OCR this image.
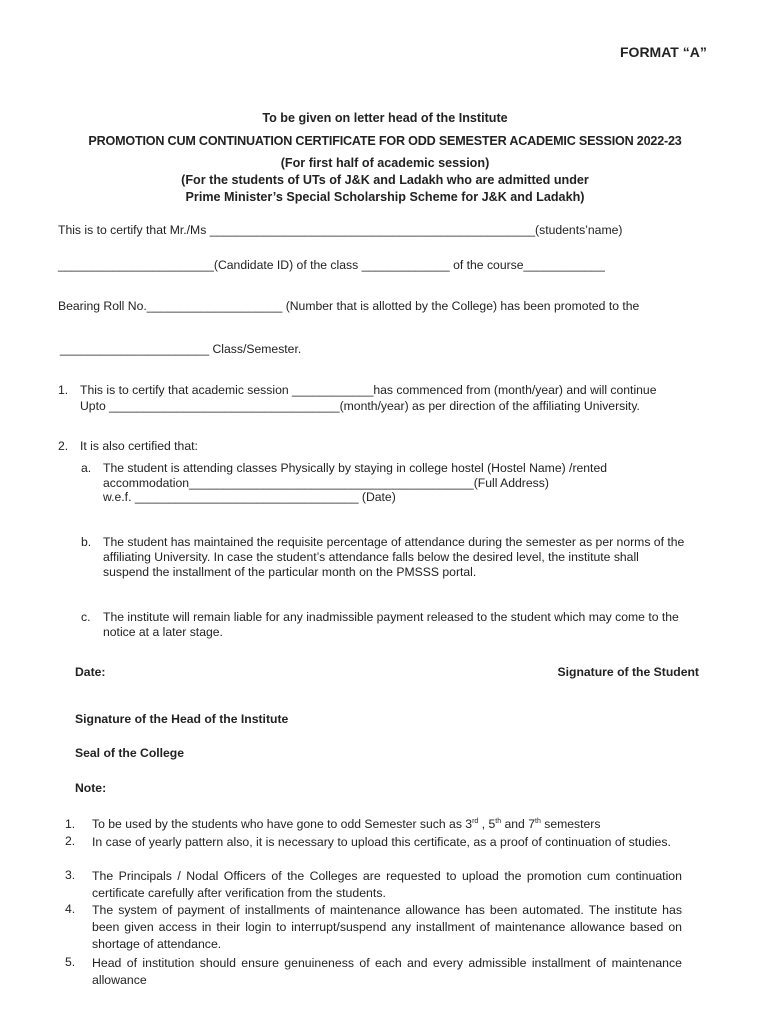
FORMAT “A”
To be given on letter head of the Institute
PROMOTION CUM CONTINUATION CERTIFICATE FOR ODD SEMESTER ACADEMIC SESSION 2022-23
(For first half of academic session)
(For the students of UTs of J&K and Ladakh who are admitted under
Prime Minister’s Special Scholarship Scheme for J&K and Ladakh)
This is to certify that Mr./Ms ________________________________________________(students’name)
_______________________(Candidate ID) of the class _____________ of the course____________
Bearing Roll No.____________________ (Number that is allotted by the College) has been promoted to the
______________________ Class/Semester.
1. This is to certify that academic session ____________has commenced from (month/year) and will continue
Upto __________________________________(month/year) as per direction of the affiliating University.
2. It is also certified that:
a. The student is attending classes Physically by staying in college hostel (Hostel Name) /rented
accommodation__________________________________________(Full Address)
w.e.f. _________________________________ (Date)
b. The student has maintained the requisite percentage of attendance during the semester as per norms of the
affiliating University. In case the student’s attendance falls below the desired level, the institute shall
suspend the installment of the particular month on the PMSSS portal.
c. The institute will remain liable for any inadmissible payment released to the student which may come to the
notice at a later stage.
Date:	Signature of the Student
Signature of the Head of the Institute
Seal of the College
Note:
1. To be used by the students who have gone to odd Semester such as 3rd , 5th and 7th semesters
2. In case of yearly pattern also, it is necessary to upload this certificate, as a proof of continuation of studies.
3. The Principals / Nodal Officers of the Colleges are requested to upload the promotion cum continuation certificate carefully after verification from the students.
4. The system of payment of installments of maintenance allowance has been automated. The institute has been given access in their login to interrupt/suspend any installment of maintenance allowance based on shortage of attendance.
5. Head of institution should ensure genuineness of each and every admissible installment of maintenance allowance
